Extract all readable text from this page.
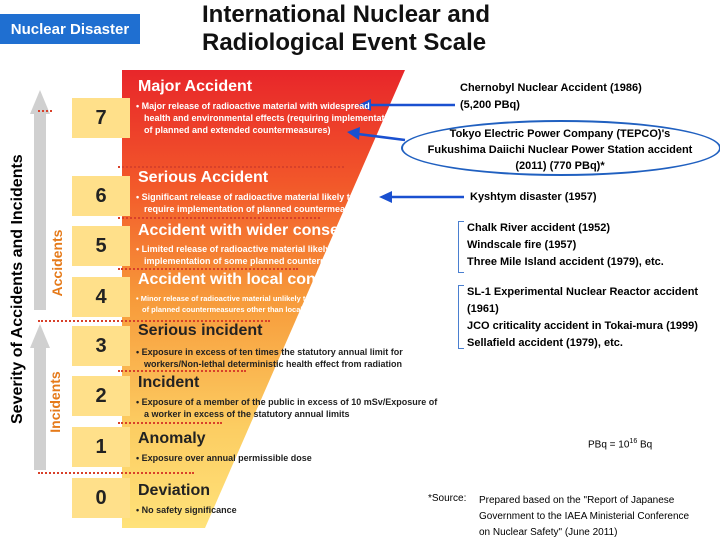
Nuclear Disaster
International Nuclear and
Radiological Event Scale
Severity of Accidents and Incidents Accidents
Incidents
7
Major Accident
• Major release of radioactive material with widespread
health and environmental effects (requiring implementation
of planned and extended countermeasures)
6
Serious Accident
• Significant release of radioactive material likely to
require implementation of planned countermeasures
5
Accident with wider consequences
• Limited release of radioactive material likely to require
implementation of some planned countermeasures
4
Accident with local consequences
• Minor release of radioactive material unlikely to result in implementation
of planned countermeasures other than local food controls
3
Serious incident
• Exposure in excess of ten times the statutory annual limit for
workers/Non-lethal deterministic health effect from radiation
2
Incident
• Exposure of a member of the public in excess of 10 mSv/Exposure of
a worker in excess of the statutory annual limits
1	Anomaly
• Exposure over annual permissible dose
0	Deviation
• No safety significance
Chernobyl Nuclear Accident (1986)
(5,200 PBq)
Tokyo Electric Power Company (TEPCO)'s
Fukushima Daiichi Nuclear Power Station accident
(2011) (770 PBq)*
Kyshtym disaster (1957)
Chalk River accident (1952)
Windscale fire (1957)
Three Mile Island accident (1979), etc.
SL-1 Experimental Nuclear Reactor accident
(1961)
JCO criticality accident in Tokai-mura (1999)
Sellafield accident (1979), etc.
PBq = $10^{16}$ Bq
*Source: Prepared based on the "Report of Japanese
Government to the IAEA Ministerial Conference
on Nuclear Safety" (June 2011)
